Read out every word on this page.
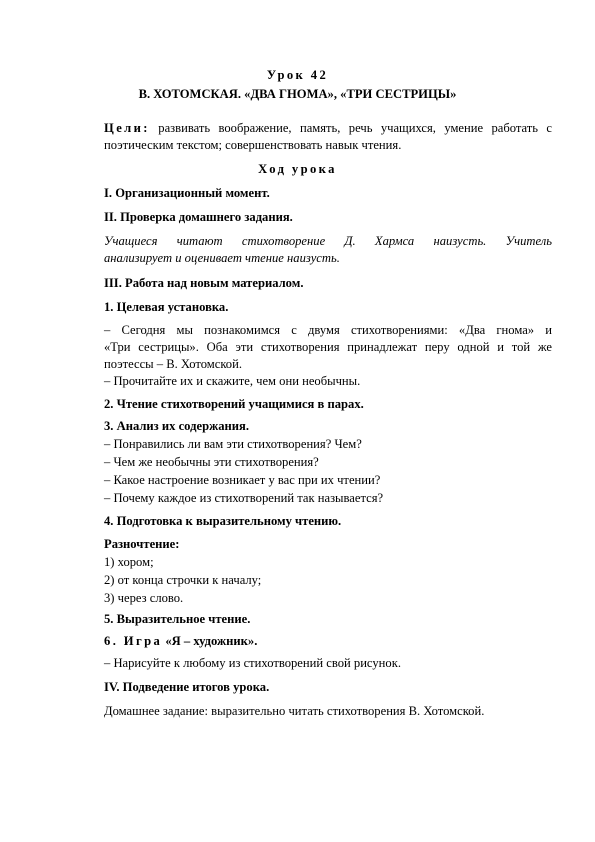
Урок 42
В. ХОТОМСКАЯ. «ДВА ГНОМА», «ТРИ СЕСТРИЦЫ»
Цели: развивать воображение, память, речь учащихся, умение работать с
поэтическим текстом; совершенствовать навык чтения.
Ход урока
I. Организационный момент.
II. Проверка домашнего задания.
Учащиеся читают стихотворение Д. Хармса наизусть. Учитель
анализирует и оценивает чтение наизусть.
III. Работа над новым материалом.
1. Целевая установка.
– Сегодня мы познакомимся с двумя стихотворениями: «Два гнома» и
«Три сестрицы». Оба эти стихотворения принадлежат перу одной и той же
поэтессы – В. Хотомской.
– Прочитайте их и скажите, чем они необычны.
2. Чтение стихотворений учащимися в парах.
3. Анализ их содержания.
– Понравились ли вам эти стихотворения? Чем?
– Чем же необычны эти стихотворения?
– Какое настроение возникает у вас при их чтении?
– Почему каждое из стихотворений так называется?
4. Подготовка к выразительному чтению.
Разночтение:
1) хором;
2) от конца строчки к началу;
3) через слово.
5. Выразительное чтение.
6. Игра «Я – художник».
– Нарисуйте к любому из стихотворений свой рисунок.
IV. Подведение итогов урока.
Домашнее задание: выразительно читать стихотворения В. Хотомской.
